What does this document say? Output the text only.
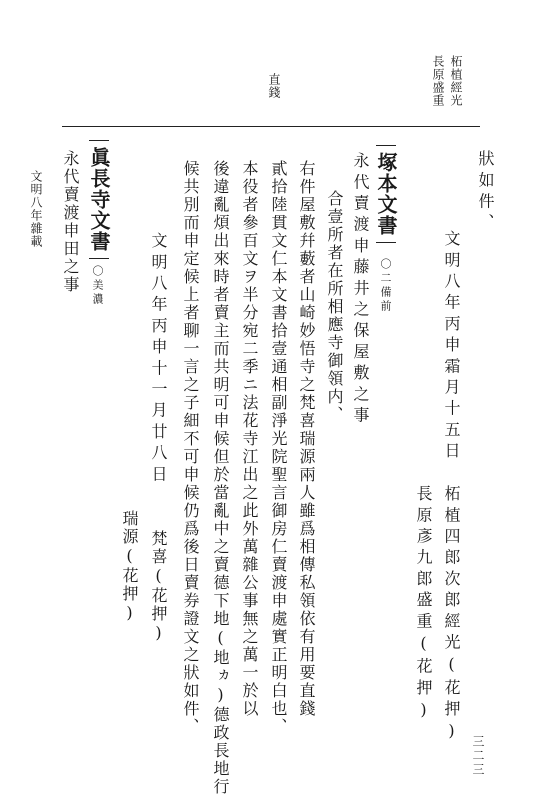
柘植經光
長原盛重
直錢
狀如件、
文明八年丙申霜月十五日
柘植四郎次郎經光(花押)
長原彥九郎盛重(花押)
塚本文書
〇二備前
永代賣渡申藤井之保屋敷之事
合壹所者在所相應寺御領内、
右件屋敷幷藪者山崎妙悟寺之梵喜瑞源兩人雖爲相傳私領依有用要直錢
貳拾陸貫文仁本文書拾壹通相副淨光院聖言御房仁賣渡申處實正明白也、
本役者參百文ヲ半分宛二季ニ法花寺江出之此外萬雜公事無之萬一於以
後違亂煩出來時者賣主而共明可申候但於當亂中之賣德下地(地ヵ)德政長地行
候共別而申定候上者聊一言之子細不可申候仍爲後日賣券證文之狀如件、
文明八年丙申十一月廿八日
梵喜(花押)
瑞源(花押)
眞長寺文書
〇美濃
永代賣渡申田之事
文明八年雜載
三二三
